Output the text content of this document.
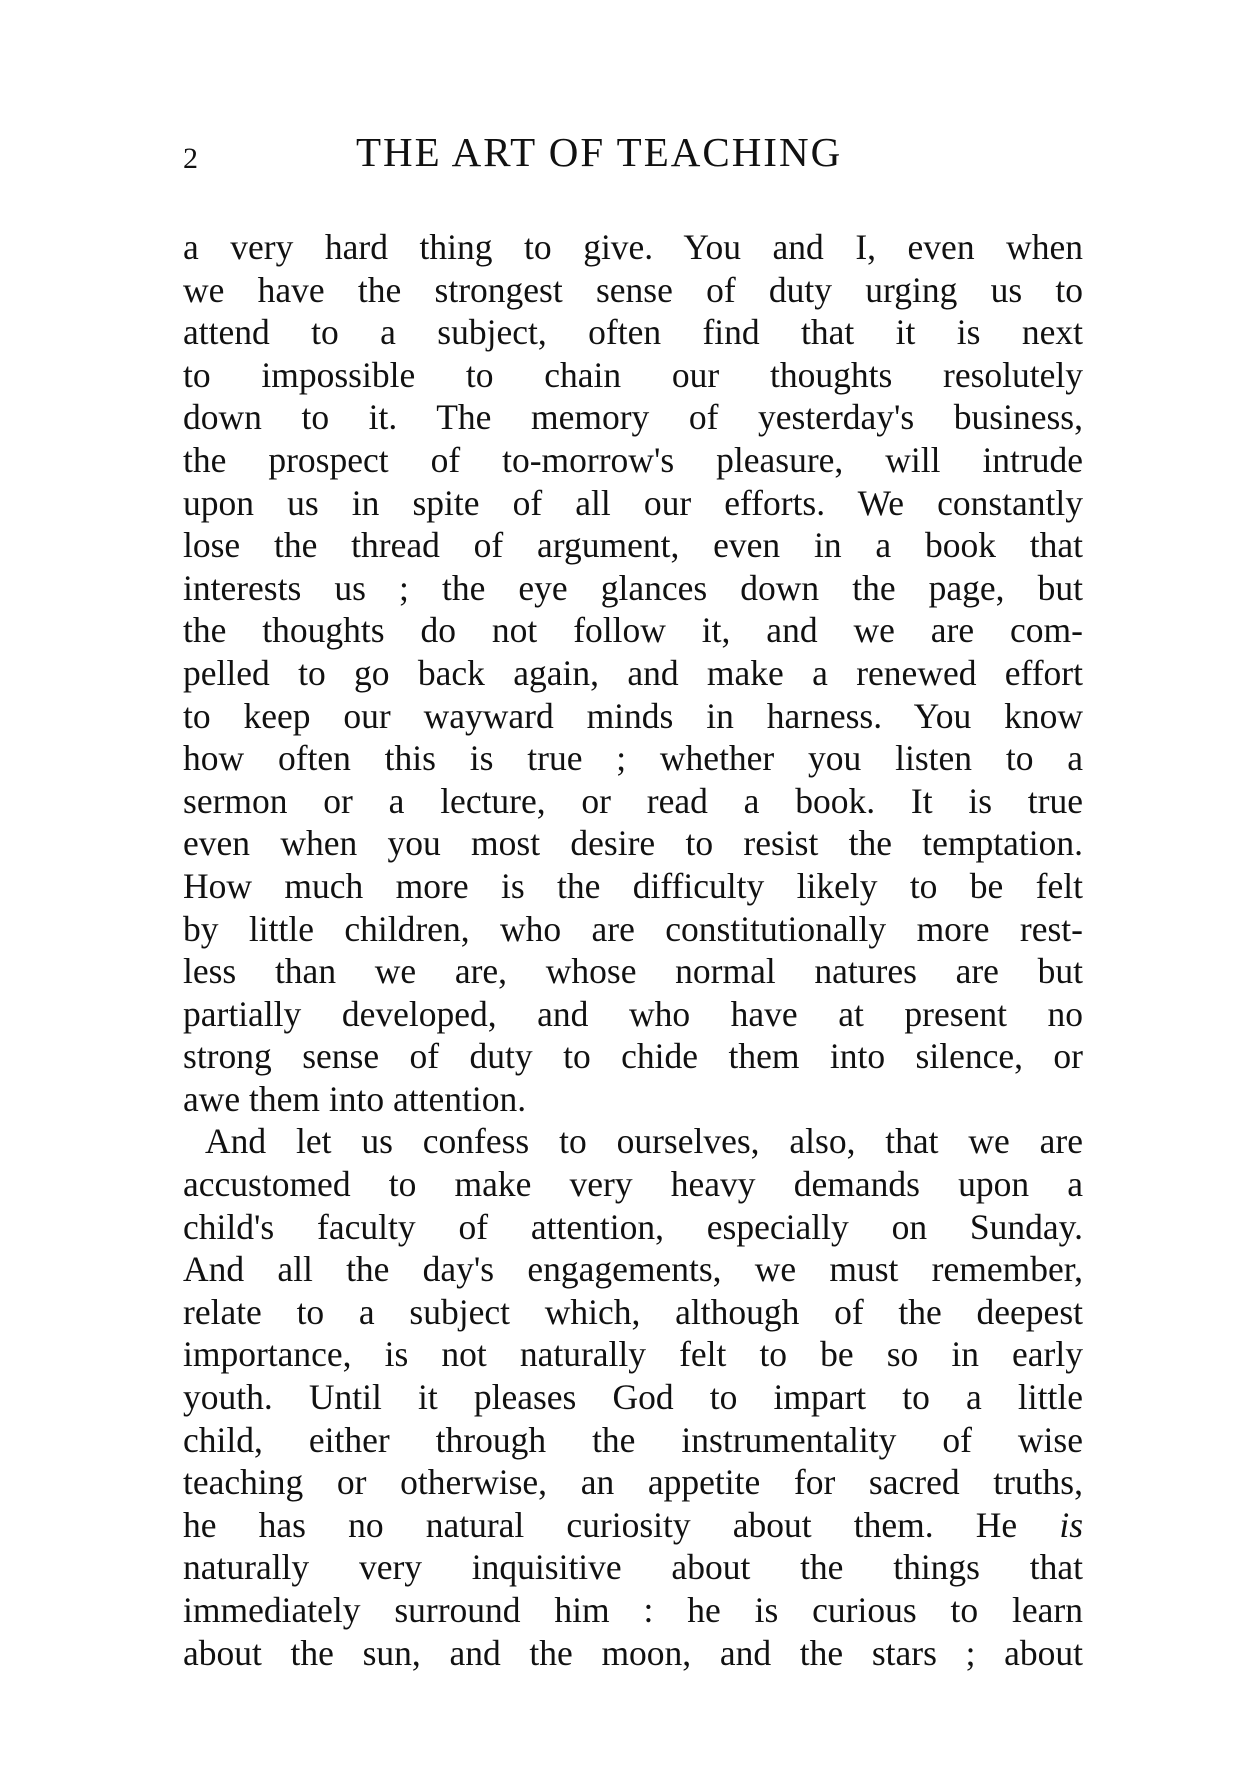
2	THE ART OF TEACHING
a very hard thing to give. You and I, even when
we have the strongest sense of duty urging us to
attend to a subject, often find that it is next
to impossible to chain our thoughts resolutely
down to it. The memory of yesterday's business,
the prospect of to-morrow's pleasure, will intrude
upon us in spite of all our efforts. We constantly
lose the thread of argument, even in a book that
interests us ; the eye glances down the page, but
the thoughts do not follow it, and we are com-
pelled to go back again, and make a renewed effort
to keep our wayward minds in harness. You know
how often this is true ; whether you listen to a
sermon or a lecture, or read a book. It is true
even when you most desire to resist the temptation.
How much more is the difficulty likely to be felt
by little children, who are constitutionally more rest-
less than we are, whose normal natures are but
partially developed, and who have at present no
strong sense of duty to chide them into silence, or
awe them into attention.
And let us confess to ourselves, also, that we are
accustomed to make very heavy demands upon a
child's faculty of attention, especially on Sunday.
And all the day's engagements, we must remember,
relate to a subject which, although of the deepest
importance, is not naturally felt to be so in early
youth. Until it pleases God to impart to a little
child, either through the instrumentality of wise
teaching or otherwise, an appetite for sacred truths,
he has no natural curiosity about them. He is
naturally very inquisitive about the things that
immediately surround him : he is curious to learn
about the sun, and the moon, and the stars ; about
